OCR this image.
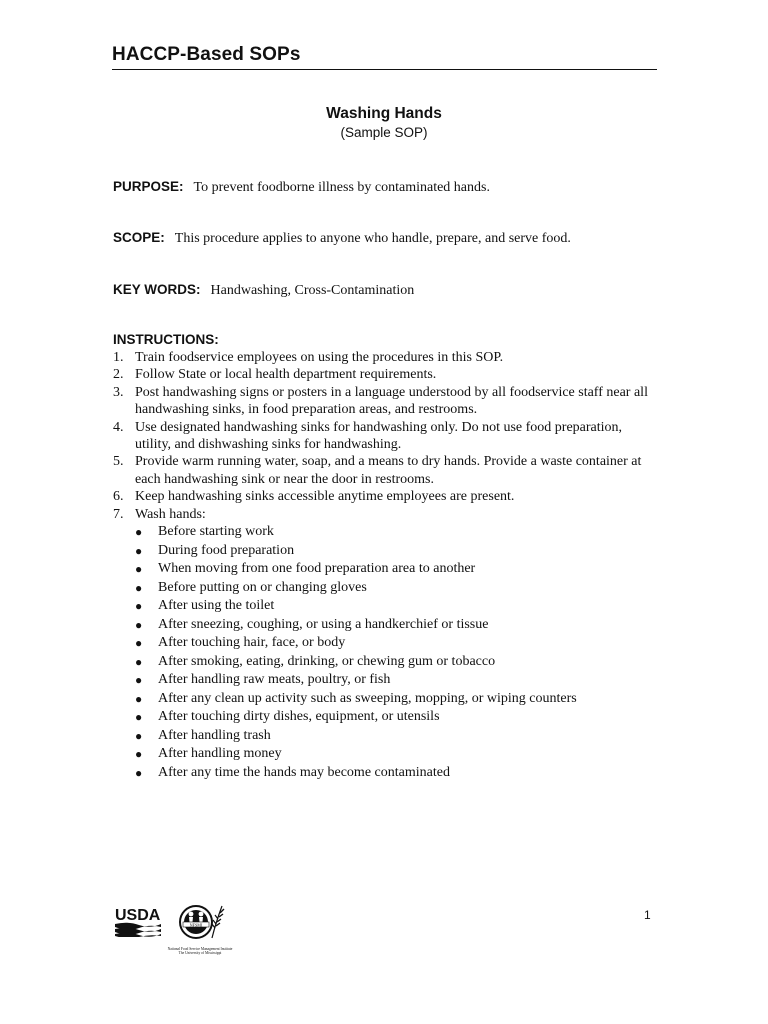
HACCP-Based SOPs
Washing Hands
(Sample SOP)
PURPOSE: To prevent foodborne illness by contaminated hands.
SCOPE: This procedure applies to anyone who handle, prepare, and serve food.
KEY WORDS: Handwashing, Cross-Contamination
INSTRUCTIONS:
1. Train foodservice employees on using the procedures in this SOP.
2. Follow State or local health department requirements.
3. Post handwashing signs or posters in a language understood by all foodservice staff near all handwashing sinks, in food preparation areas, and restrooms.
4. Use designated handwashing sinks for handwashing only. Do not use food preparation, utility, and dishwashing sinks for handwashing.
5. Provide warm running water, soap, and a means to dry hands. Provide a waste container at each handwashing sink or near the door in restrooms.
6. Keep handwashing sinks accessible anytime employees are present.
7. Wash hands:
●	Before starting work
●	During food preparation
●	When moving from one food preparation area to another
●	Before putting on or changing gloves
●	After using the toilet
●	After sneezing, coughing, or using a handkerchief or tissue
●	After touching hair, face, or body
●	After smoking, eating, drinking, or chewing gum or tobacco
●	After handling raw meats, poultry, or fish
●	After any clean up activity such as sweeping, mopping, or wiping counters
●	After touching dirty dishes, equipment, or utensils
●	After handling trash
●	After handling money
●	After any time the hands may become contaminated
USDA
NFSMI
National Food Service Management Institute
The University of Mississippi
1
